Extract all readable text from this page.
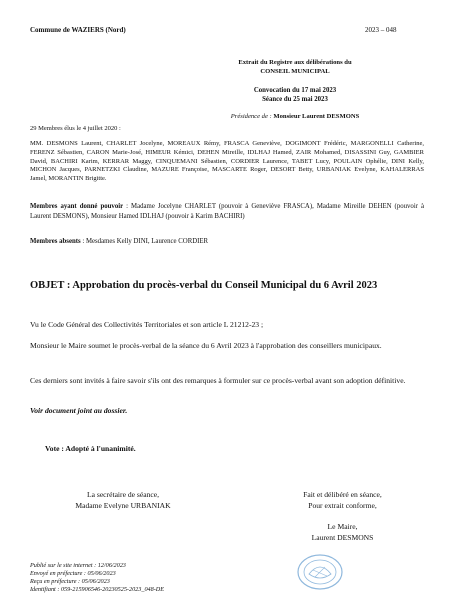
Commune de WAZIERS (Nord)	2023 – 048
Extrait du Registre aux délibérations du
CONSEIL MUNICIPAL
Convocation du 17 mai 2023
Séance du 25 mai 2023
Présidence de : Monsieur Laurent DESMONS
29 Membres élus le 4 juillet 2020 :
MM. DESMONS Laurent, CHARLET Jocelyne, MOREAUX Rémy, FRASCA Geneviève, DOGIMONT Frédéric, MARGONELLI Catherine, FERENZ Sébastien, CARON Marie-José, HIMEUR Kémici, DEHEN Mireille, IDLHAJ Hamed, ZAIR Mohamed, DISASSINI Guy, GAMBIER David, BACHIRI Karim, KERRAR Maggy, CINQUEMANI Sébastien, CORDIER Laurence, TABET Lucy, POULAIN Ophélie, DINI Kelly, MICHON Jacques, PARNETZKI Claudine, MAZURE Françoise, MASCARTE Roger, DESORT Betty, URBANIAK Evelyne, KAHALERRAS Jamel, MORANTIN Brigitte.
Membres ayant donné pouvoir : Madame Jocelyne CHARLET (pouvoir à Geneviève FRASCA), Madame Mireille DEHEN (pouvoir à Laurent DESMONS), Monsieur Hamed IDLHAJ (pouvoir à Karim BACHIRI)
Membres absents : Mesdames Kelly DINI, Laurence CORDIER
OBJET : Approbation du procès-verbal du Conseil Municipal du 6 Avril 2023
Vu le Code Général des Collectivités Territoriales et son article L 21212-23 ;
Monsieur le Maire soumet le procès-verbal de la séance du 6 Avril 2023 à l'approbation des conseillers municipaux.
Ces derniers sont invités à faire savoir s'ils ont des remarques à formuler sur ce procès-verbal avant son adoption définitive.
Voir document joint au dossier.
Vote : Adopté à l'unanimité.
La secrétaire de séance,
Madame Evelyne URBANIAK
Fait et délibéré en séance,
Pour extrait conforme,
Le Maire,
Laurent DESMONS
Publié sur le site internet : 12/06/2023
Envoyé en préfecture : 05/06/2023
Reçu en préfecture : 05/06/2023
Identifiant : 059-215906546-20230525-2023_048-DE
